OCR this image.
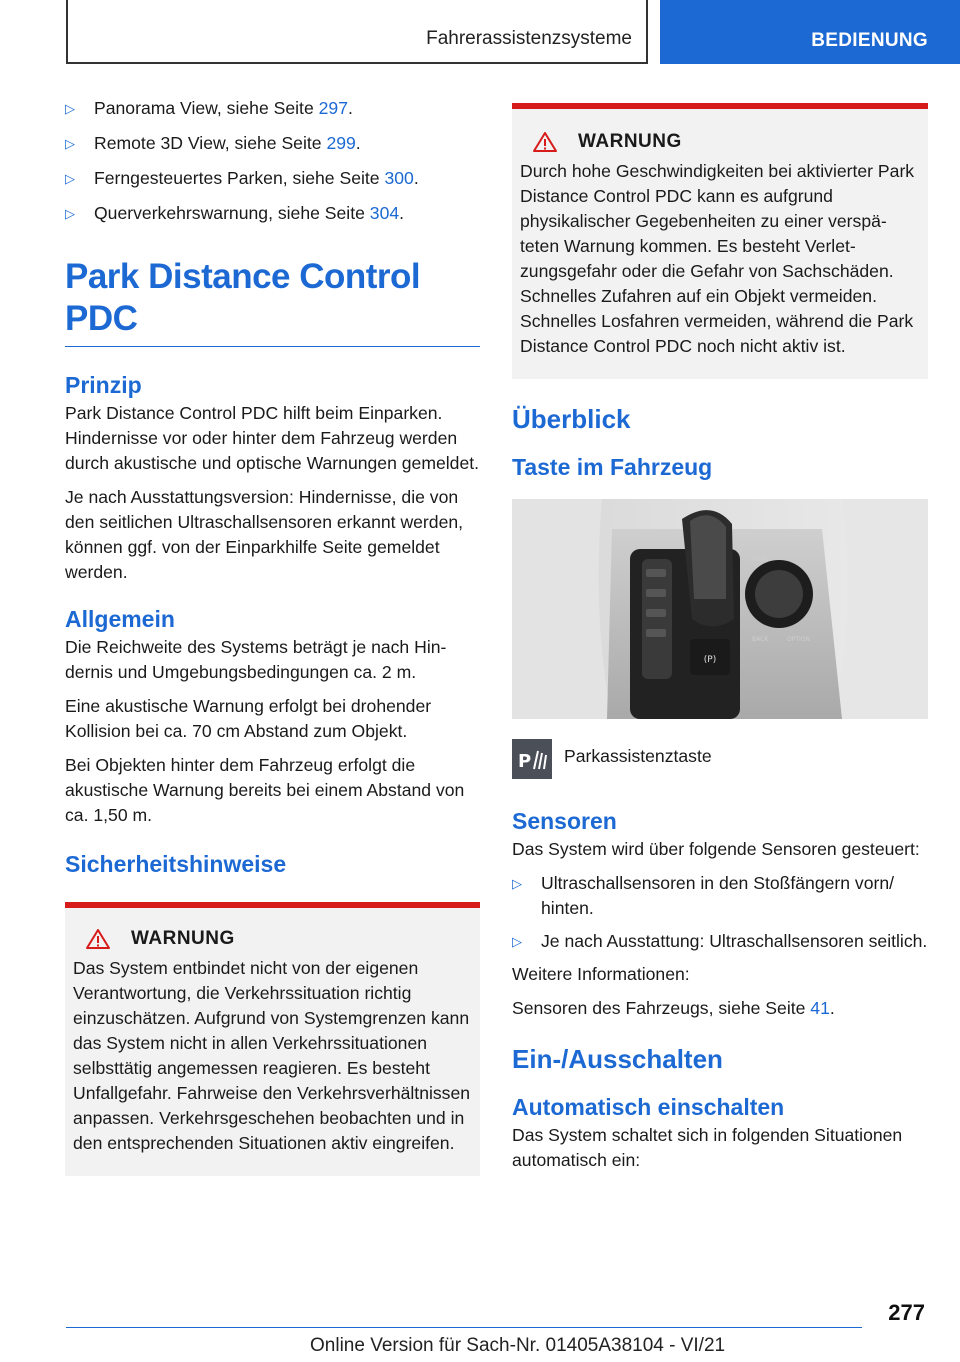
Fahrerassistenzsysteme	BEDIENUNG
▷ Panorama View, siehe Seite 297.
▷ Remote 3D View, siehe Seite 299.
▷ Ferngesteuertes Parken, siehe Seite 300.
▷ Querverkehrswarnung, siehe Seite 304.
Park Distance Control PDC
Prinzip

Park Distance Control PDC hilft beim Einparken. Hindernisse vor oder hinter dem Fahrzeug werden durch akustische und optische Warnungen gemeldet.

Je nach Ausstattungsversion: Hindernisse, die von den seitlichen Ultraschallsensoren erkannt werden, können ggf. von der Einparkhilfe Seite gemeldet werden.

Allgemein

Die Reichweite des Systems beträgt je nach Hindernis und Umgebungsbedingungen ca. 2 m.

Eine akustische Warnung erfolgt bei drohender Kollision bei ca. 70 cm Abstand zum Objekt.

Bei Objekten hinter dem Fahrzeug erfolgt die akustische Warnung bereits bei einem Abstand von ca. 1,50 m.

Sicherheitshinweise
WARNUNG

Das System entbindet nicht von der eigenen Verantwortung, die Verkehrssituation richtig einzuschätzen. Aufgrund von Systemgrenzen kann das System nicht in allen Verkehrssituationen selbsttätig angemessen reagieren. Es besteht Unfallgefahr. Fahrweise den Verkehrsverhältnissen anpassen. Verkehrsgeschehen beobachten und in den entsprechenden Situationen aktiv eingreifen.

WARNUNG

Durch hohe Geschwindigkeiten bei aktivierter Park Distance Control PDC kann es aufgrund physikalischer Gegebenheiten zu einer verspäteten Warnung kommen. Es besteht Verletzungsgefahr oder die Gefahr von Sachschäden. Schnelles Zufahren auf ein Objekt vermeiden. Schnelles Losfahren vermeiden, während die Park Distance Control PDC noch nicht aktiv ist.

Überblick
Taste im Fahrzeug
(P)
MENU
BACK	OPTION
P Parkassistenztaste
Sensoren

Das System wird über folgende Sensoren gesteuert:

▷ Ultraschallsensoren in den Stoßfängern vorn/ hinten.
▷ Je nach Ausstattung: Ultraschallsensoren seitlich.

Weitere Informationen:

Sensoren des Fahrzeugs, siehe Seite 41.

Ein-/Ausschalten
Automatisch einschalten

Das System schaltet sich in folgenden Situationen automatisch ein:

277
Online Version für Sach-Nr. 01405A38104 - VI/21
